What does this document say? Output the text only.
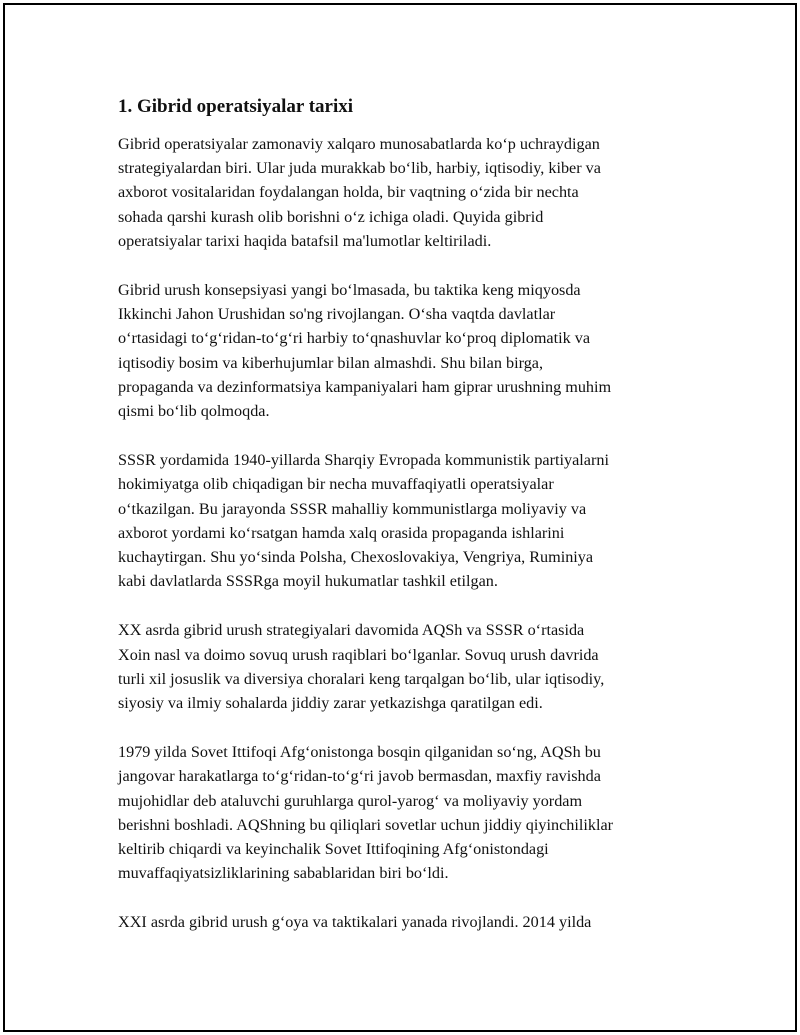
1. Gibrid operatsiyalar tarixi

Gibrid operatsiyalar zamonaviy xalqaro munosabatlarda ko‘p uchraydigan
strategiyalardan biri. Ular juda murakkab bo‘lib, harbiy, iqtisodiy, kiber va
axborot vositalaridan foydalangan holda, bir vaqtning o‘zida bir nechta
sohada qarshi kurash olib borishni o‘z ichiga oladi. Quyida gibrid
operatsiyalar tarixi haqida batafsil ma'lumotlar keltiriladi.

Gibrid urush konsepsiyasi yangi bo‘lmasada, bu taktika keng miqyosda
Ikkinchi Jahon Urushidan so'ng rivojlangan. O‘sha vaqtda davlatlar
o‘rtasidagi to‘g‘ridan-to‘g‘ri harbiy to‘qnashuvlar ko‘proq diplomatik va
iqtisodiy bosim va kiberhujumlar bilan almashdi. Shu bilan birga,
propaganda va dezinformatsiya kampaniyalari ham giprar urushning muhim
qismi bo‘lib qolmoqda.

SSSR yordamida 1940-yillarda Sharqiy Evropada kommunistik partiyalarni
hokimiyatga olib chiqadigan bir necha muvaffaqiyatli operatsiyalar
o‘tkazilgan. Bu jarayonda SSSR mahalliy kommunistlarga moliyaviy va
axborot yordami ko‘rsatgan hamda xalq orasida propaganda ishlarini
kuchaytirgan. Shu yo‘sinda Polsha, Chexoslovakiya, Vengriya, Ruminiya
kabi davlatlarda SSSRga moyil hukumatlar tashkil etilgan.

XX asrda gibrid urush strategiyalari davomida AQSh va SSSR o‘rtasida
Xoin nasl va doimo sovuq urush raqiblari bo‘lganlar. Sovuq urush davrida
turli xil josuslik va diversiya choralari keng tarqalgan bo‘lib, ular iqtisodiy,
siyosiy va ilmiy sohalarda jiddiy zarar yetkazishga qaratilgan edi.

1979 yilda Sovet Ittifoqi Afg‘onistonga bosqin qilganidan so‘ng, AQSh bu
jangovar harakatlarga to‘g‘ridan-to‘g‘ri javob bermasdan, maxfiy ravishda
mujohidlar deb ataluvchi guruhlarga qurol-yarog‘ va moliyaviy yordam
berishni boshladi. AQShning bu qiliqlari sovetlar uchun jiddiy qiyinchiliklar
keltirib chiqardi va keyinchalik Sovet Ittifoqining Afg‘onistondagi
muvaffaqiyatsizliklarining sabablaridan biri bo‘ldi.

XXI asrda gibrid urush g‘oya va taktikalari yanada rivojlandi. 2014 yilda
